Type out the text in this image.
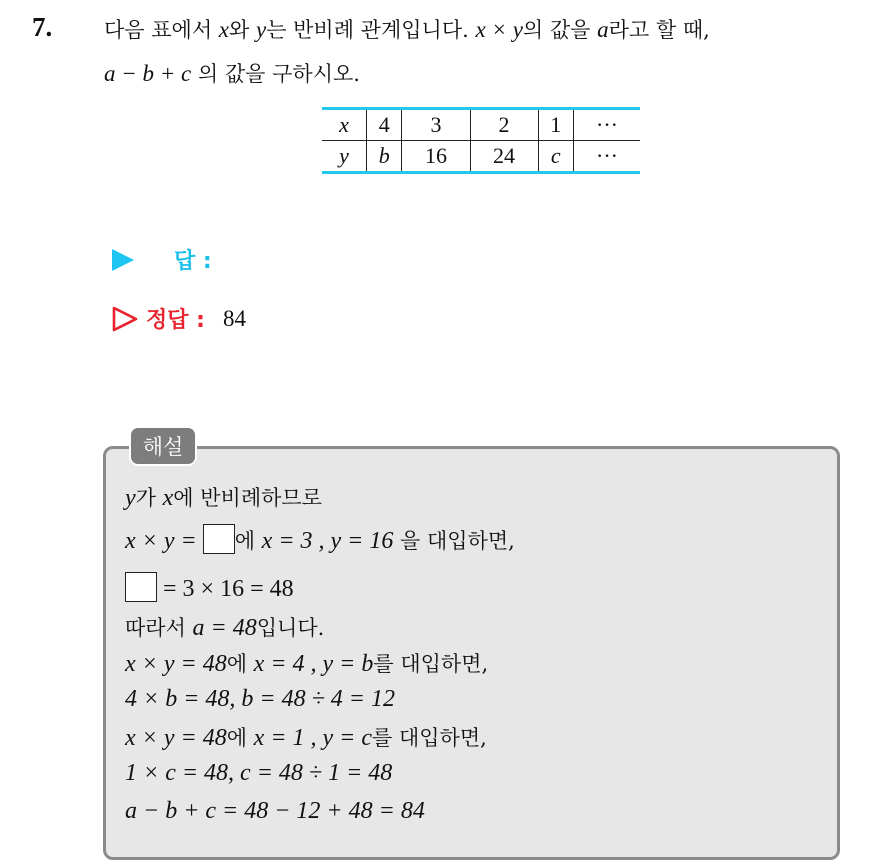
7. 다음 표에서 x와 y는 반비례 관계입니다. x × y의 값을 a라고 할 때,
a − b + c 의 값을 구하시오.
x	4	3	2	1	···
y	b	16	24	c	···
답 :
정답 : 84
해설
y가 x에 반비례하므로
x × y = 에 x = 3 , y = 16 을 대입하면,
= 3 × 16 = 48
따라서 a = 48입니다.
x × y = 48에 x = 4 , y = b를 대입하면,
4 × b = 48, b = 48 ÷ 4 = 12
x × y = 48에 x = 1 , y = c를 대입하면,
1 × c = 48, c = 48 ÷ 1 = 48
a − b + c = 48 − 12 + 48 = 84
